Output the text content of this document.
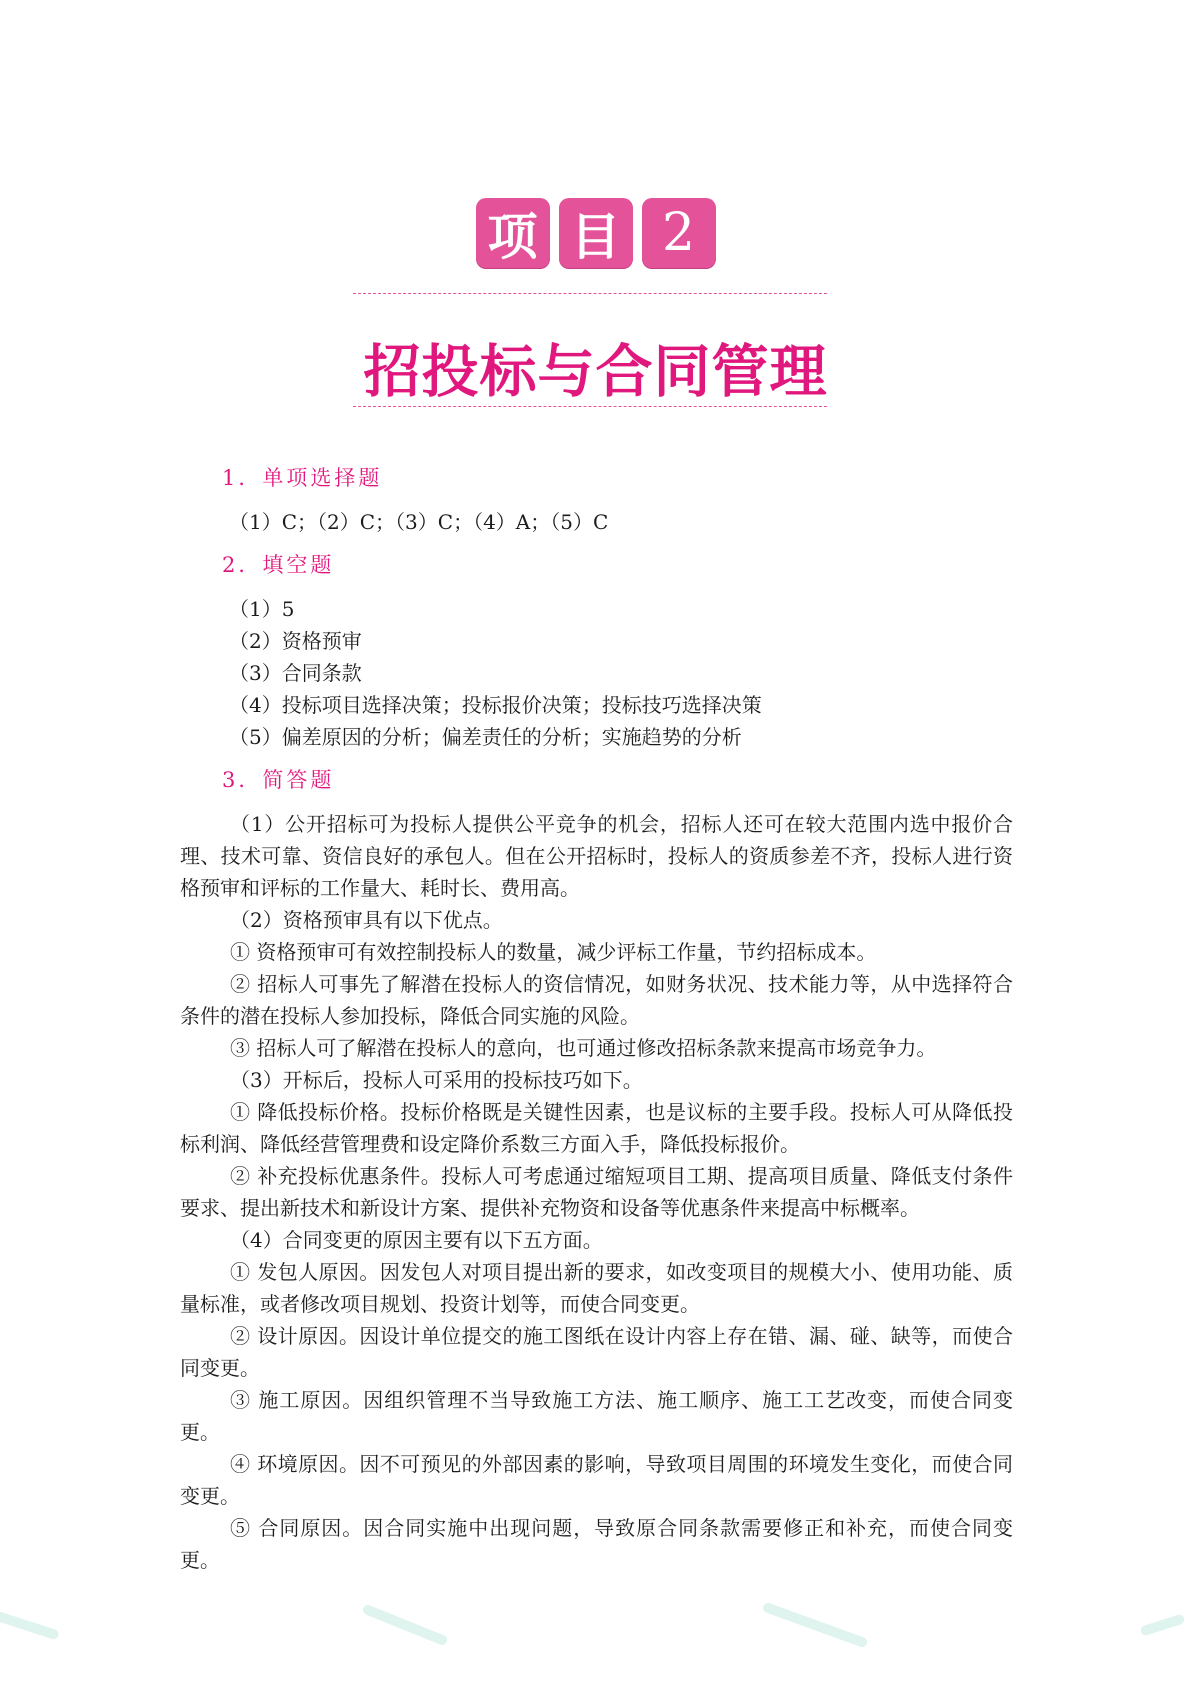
项 目 2
招投标与合同管理

1．单项选择题

（1）C；（2）C；（3）C；（4）A；（5）C

2．填空题

（1）5

（2）资格预审

（3）合同条款

（4）投标项目选择决策；投标报价决策；投标技巧选择决策

（5）偏差原因的分析；偏差责任的分析；实施趋势的分析

3．简答题

（1）公开招标可为投标人提供公平竞争的机会，招标人还可在较大范围内选中报价合理、技术可靠、资信良好的承包人。但在公开招标时，投标人的资质参差不齐，投标人进行资格预审和评标的工作量大、耗时长、费用高。

（2）资格预审具有以下优点。

① 资格预审可有效控制投标人的数量，减少评标工作量，节约招标成本。

② 招标人可事先了解潜在投标人的资信情况，如财务状况、技术能力等，从中选择符合条件的潜在投标人参加投标，降低合同实施的风险。

③ 招标人可了解潜在投标人的意向，也可通过修改招标条款来提高市场竞争力。

（3）开标后，投标人可采用的投标技巧如下。

① 降低投标价格。投标价格既是关键性因素，也是议标的主要手段。投标人可从降低投标利润、降低经营管理费和设定降价系数三方面入手，降低投标报价。

② 补充投标优惠条件。投标人可考虑通过缩短项目工期、提高项目质量、降低支付条件要求、提出新技术和新设计方案、提供补充物资和设备等优惠条件来提高中标概率。

（4）合同变更的原因主要有以下五方面。

① 发包人原因。因发包人对项目提出新的要求，如改变项目的规模大小、使用功能、质量标准，或者修改项目规划、投资计划等，而使合同变更。

② 设计原因。因设计单位提交的施工图纸在设计内容上存在错、漏、碰、缺等，而使合同变更。

③ 施工原因。因组织管理不当导致施工方法、施工顺序、施工工艺改变，而使合同变更。

④ 环境原因。因不可预见的外部因素的影响，导致项目周围的环境发生变化，而使合同变更。

⑤ 合同原因。因合同实施中出现问题，导致原合同条款需要修正和补充，而使合同变更。
